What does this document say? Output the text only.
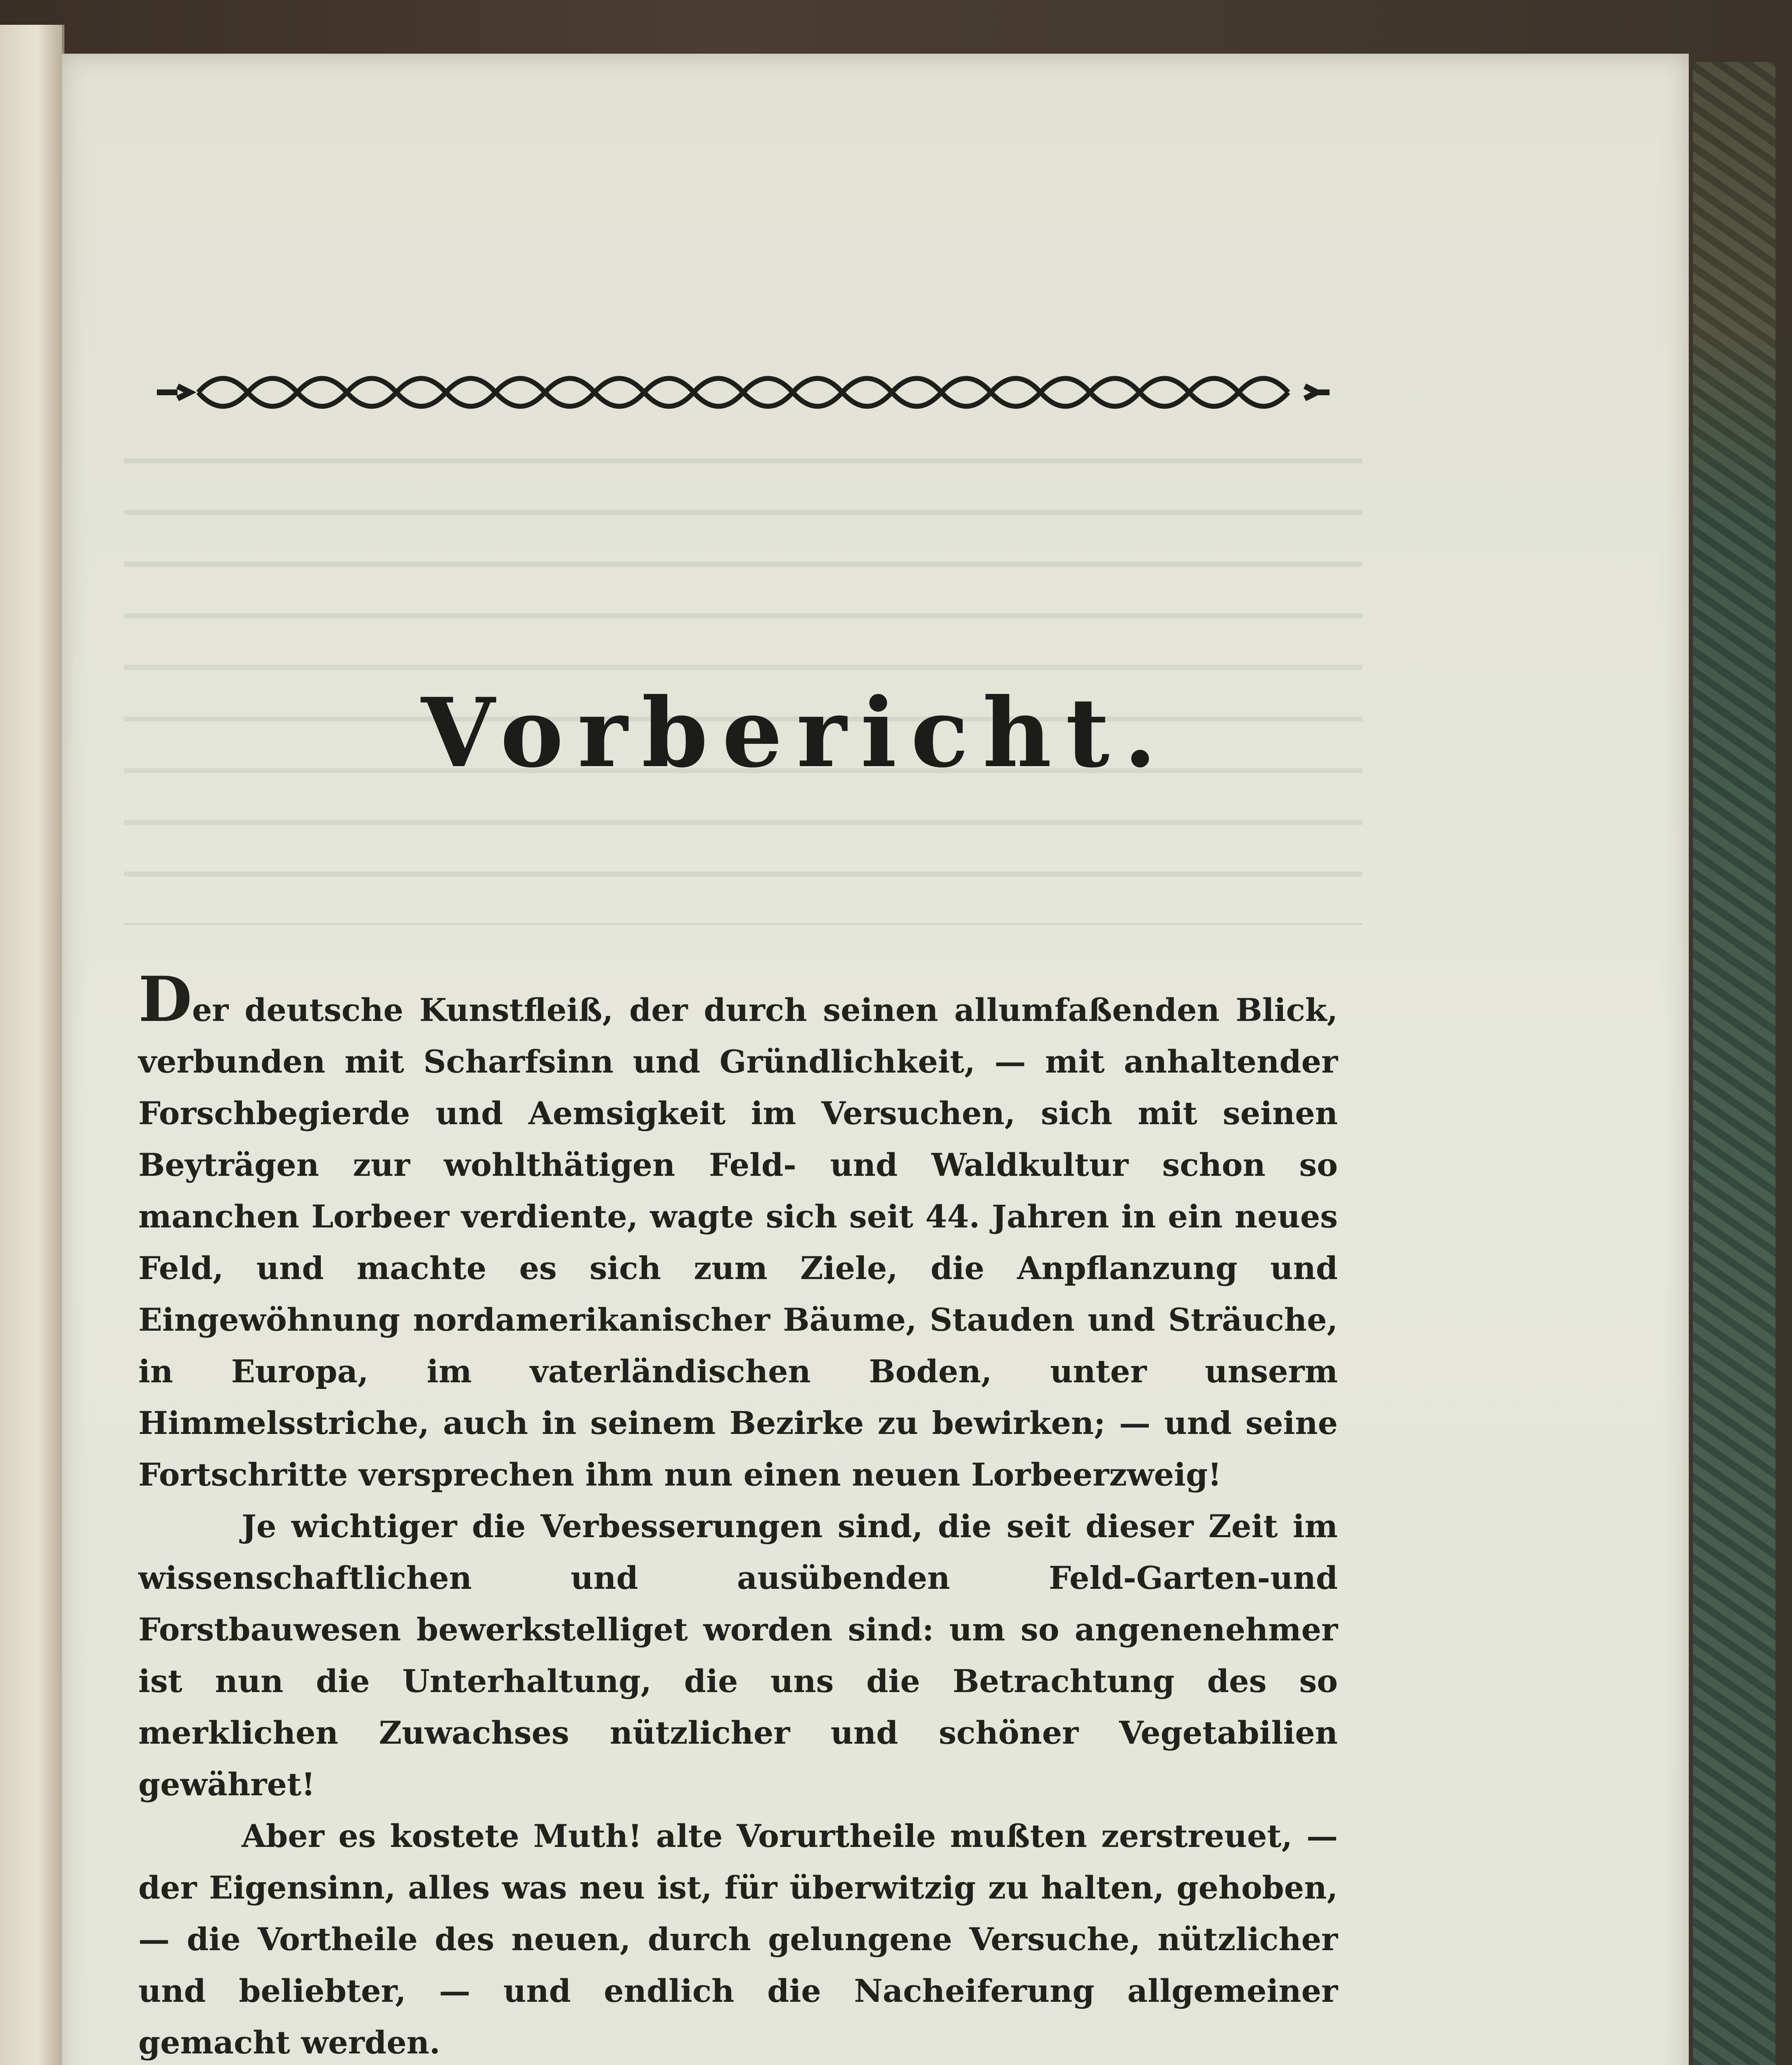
Vorbericht.

Der deutsche Kunstfleiß, der durch seinen allumfaßenden Blick, verbunden mit Scharfsinn und Gründlichkeit, — mit anhaltender Forschbegierde und Aemsigkeit im Versuchen, sich mit seinen Beyträgen zur wohlthätigen Feld- und Waldkultur schon so manchen Lorbeer verdiente, wagte sich seit 44. Jahren in ein neues Feld, und machte es sich zum Ziele, die Anpflanzung und Eingewöhnung nordamerikanischer Bäume, Stauden und Sträuche, in Europa, im vaterländischen Boden, unter unserm Himmelsstriche, auch in seinem Bezirke zu bewirken; — und seine Fortschritte versprechen ihm nun einen neuen Lorbeerzweig!

Je wichtiger die Verbesserungen sind, die seit dieser Zeit im wissenschaftlichen und ausübenden Feld-Garten-und Forstbauwesen bewerkstelliget worden sind: um so angenenehmer ist nun die Unterhaltung, die uns die Betrachtung des so merklichen Zuwachses nützlicher und schöner Vegetabilien gewähret!

Aber es kostete Muth! alte Vorurtheile mußten zerstreuet, — der Eigensinn, alles was neu ist, für überwitzig zu halten, gehoben, — die Vortheile des neuen, durch gelungene Versuche, nützlicher und beliebter, — und endlich die Nacheiferung allgemeiner gemacht werden.
